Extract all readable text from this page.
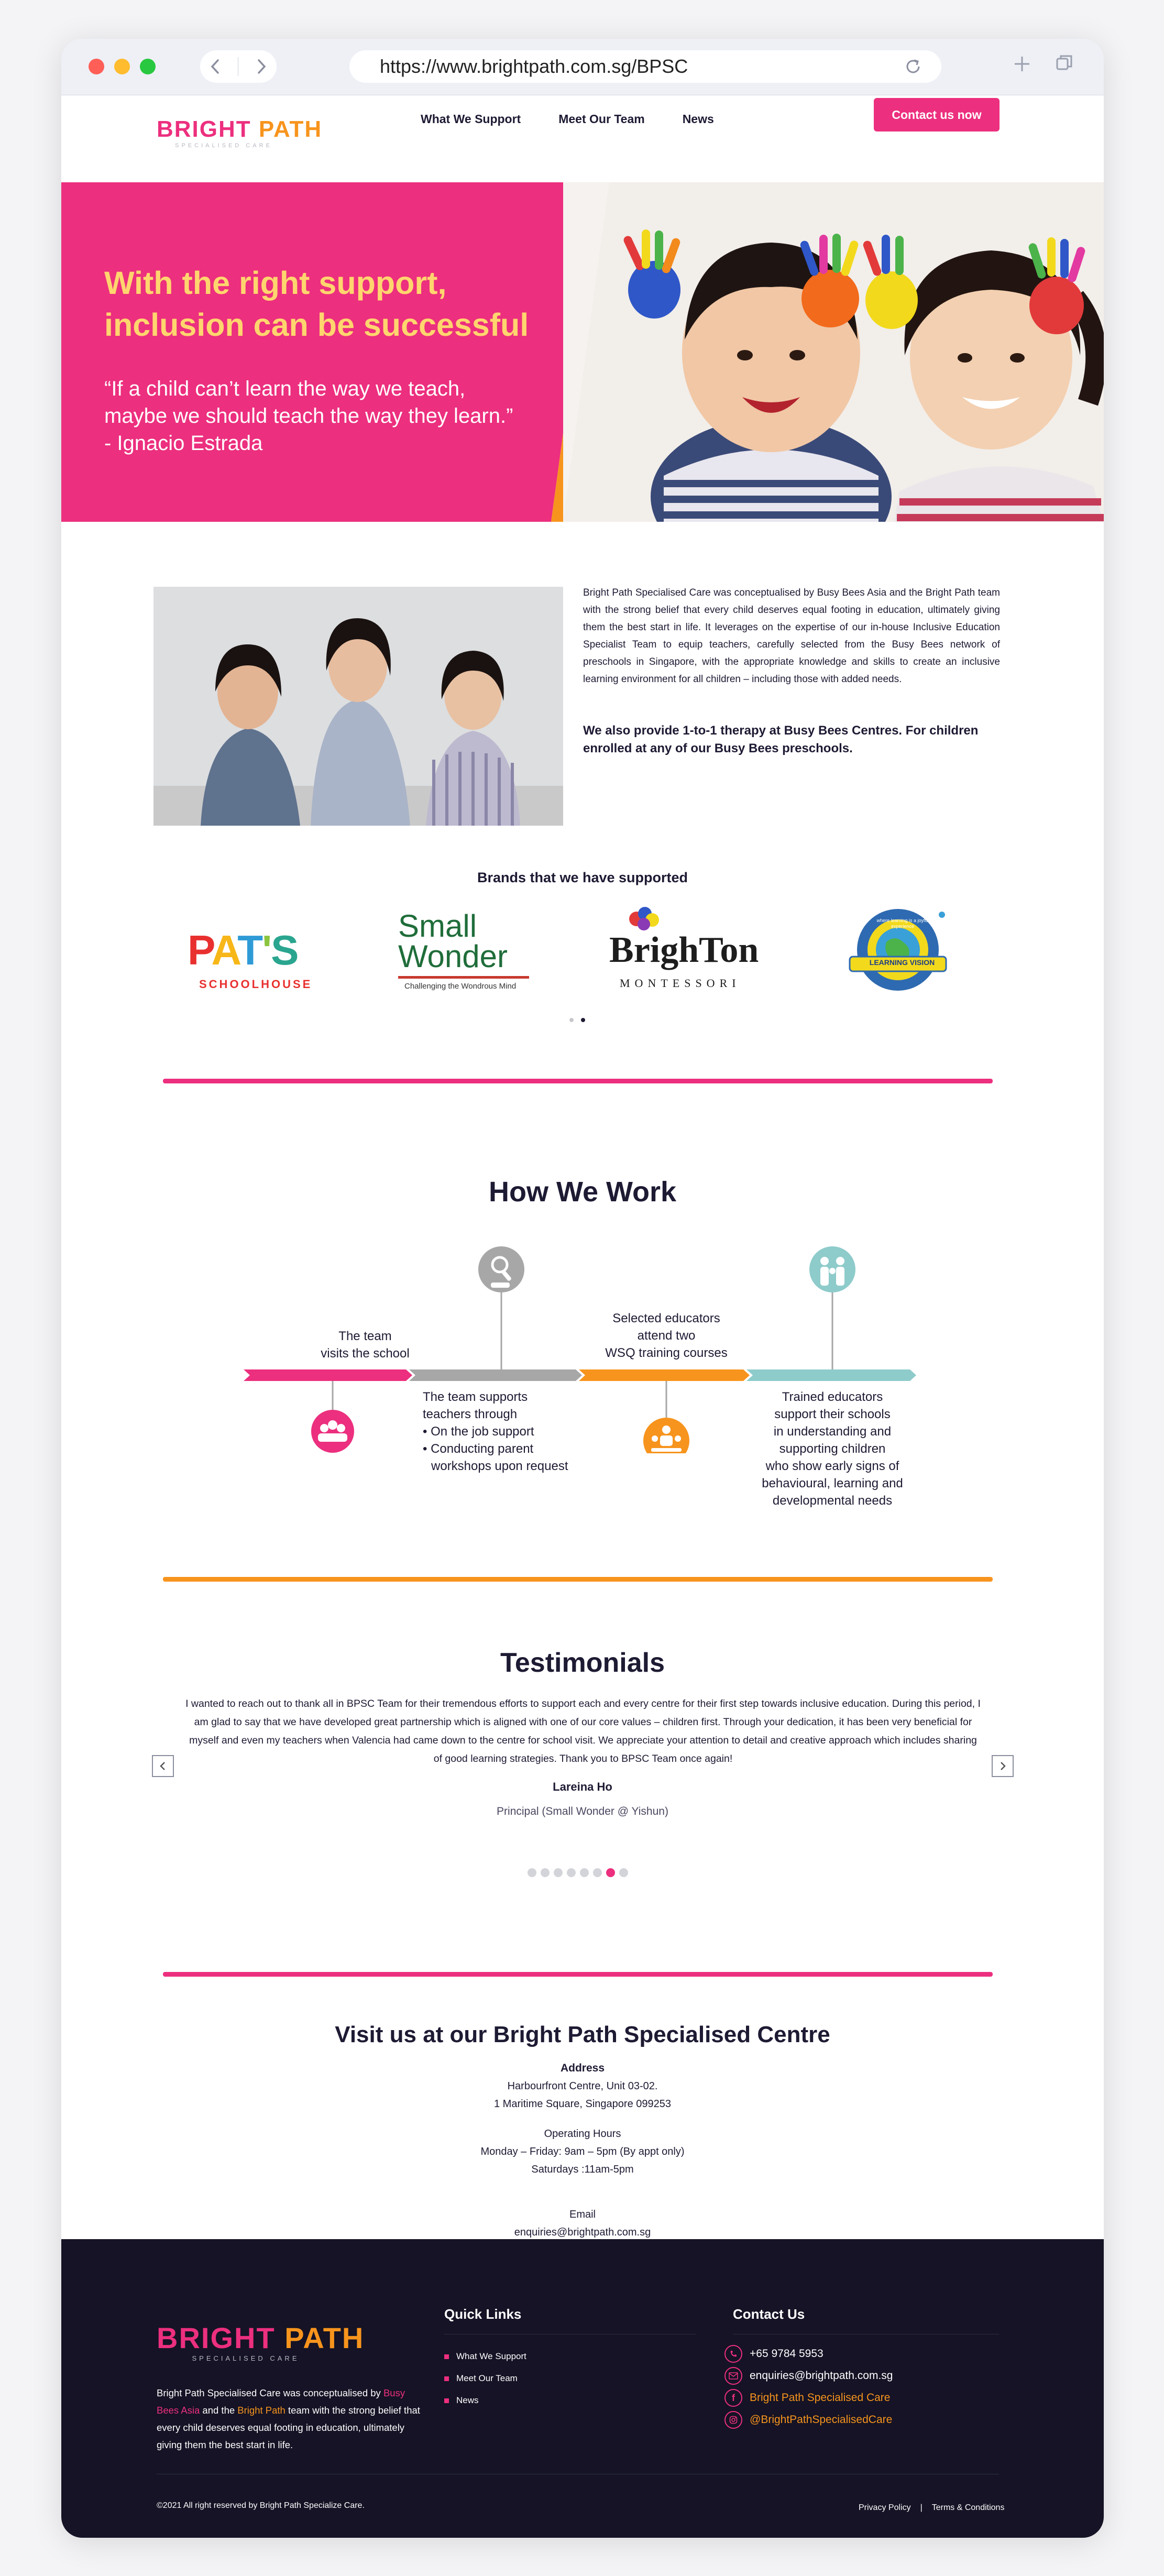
https://www.brightpath.com.sg/BPSC
BRIGHT PATH
SPECIALISED CARE
What We Support	Meet Our Team	News	Contact us now
With the right support,
inclusion can be successful
“If a child can’t learn the way we teach,
maybe we should teach the way they learn.”
- Ignacio Estrada
Bright Path Specialised Care was conceptualised by Busy Bees Asia and the Bright Path team with the strong belief that every child deserves equal footing in education, ultimately giving them the best start in life. It leverages on the expertise of our in-house Inclusive Education Specialist Team to equip teachers, carefully selected from the Busy Bees network of preschools in Singapore, with the appropriate knowledge and skills to create an inclusive learning environment for all children – including those with added needs.
We also provide 1-to-1 therapy at Busy Bees Centres. For children enrolled at any of our Busy Bees preschools.
Brands that we have supported
PAT'S
SCHOOLHOUSE
Small
Wonder
Challenging the Wondrous Mind
BrighTon
MONTESSORI
LEARNING VISION
where learning is a joyful experience
How We Work
The team
visits the school
The team supports
teachers through
• On the job support
• Conducting parent
workshops upon request
Selected educators
attend two
WSQ training courses
Trained educators
support their schools
in understanding and
supporting children
who show early signs of
behavioural, learning and
developmental needs
Testimonials
I wanted to reach out to thank all in BPSC Team for their tremendous efforts to support each and every centre for their first step towards inclusive education. During this period, I am glad to say that we have developed great partnership which is aligned with one of our core values – children first. Through your dedication, it has been very beneficial for myself and even my teachers when Valencia had came down to the centre for school visit. We appreciate your attention to detail and creative approach which includes sharing of good learning strategies. Thank you to BPSC Team once again!
Lareina Ho
Principal (Small Wonder @ Yishun)
Visit us at our Bright Path Specialised Centre
Address
Harbourfront Centre, Unit 03-02.
1 Maritime Square, Singapore 099253
Operating Hours
Monday – Friday: 9am – 5pm (By appt only)
Saturdays :11am-5pm
Email
enquiries@brightpath.com.sg
BRIGHT PATH
SPECIALISED CARE
Bright Path Specialised Care was conceptualised by Busy Bees Asia and the Bright Path team with the strong belief that every child deserves equal footing in education, ultimately giving them the best start in life.
Quick Links
What We Support
Meet Our Team
News
Contact Us
+65 9784 5953
enquiries@brightpath.com.sg
f	Bright Path Specialised Care
@BrightPathSpecialisedCare
©2021 All right reserved by Bright Path Specialize Care.	Privacy Policy | Terms & Conditions
